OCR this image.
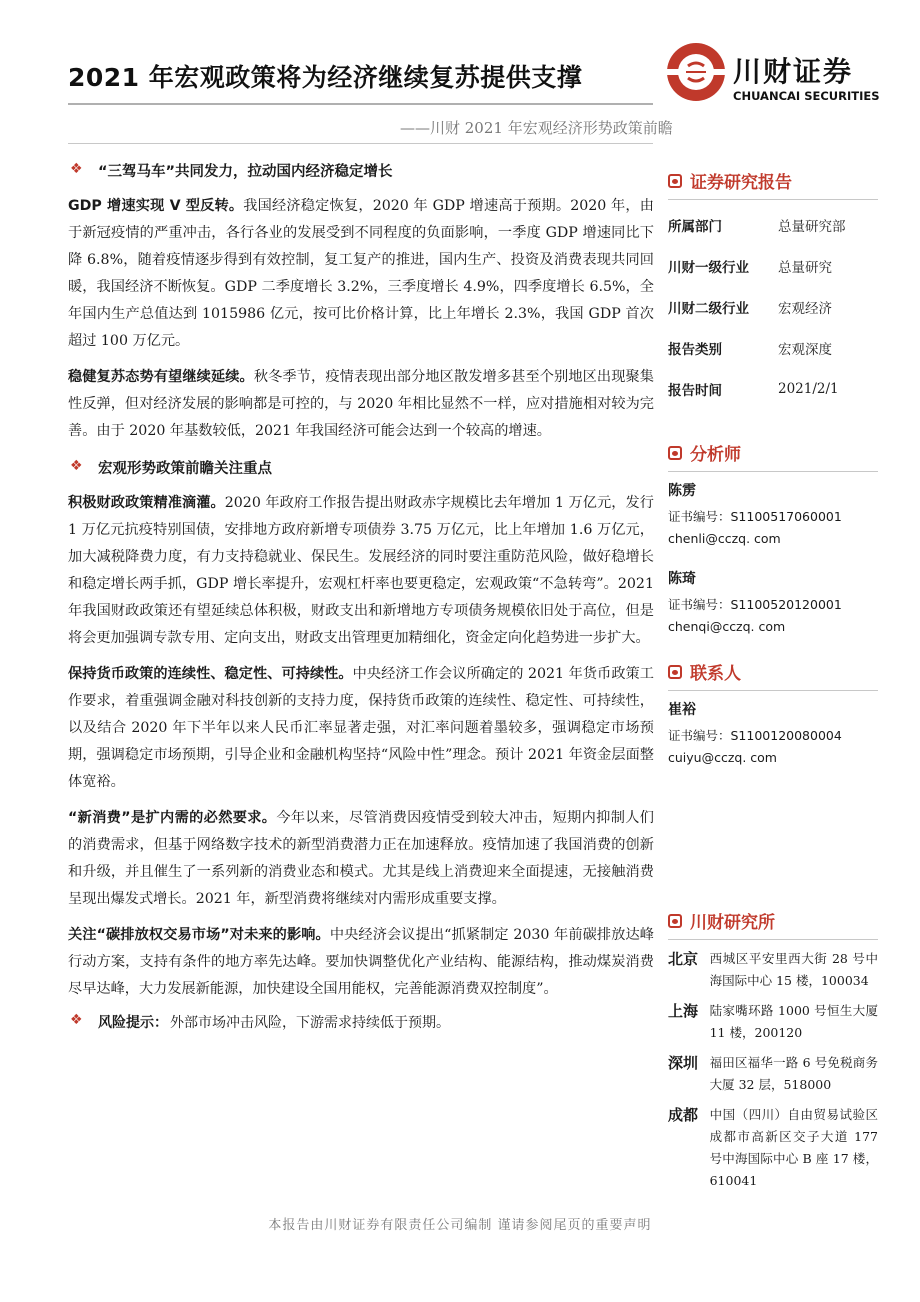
2021 年宏观政策将为经济继续复苏提供支撑
——川财 2021 年宏观经济形势政策前瞻
川财证券
CHUANCAI SECURITIES
❖
“三驾马车”共同发力，拉动国内经济稳定增长

GDP 增速实现 V 型反转。我国经济稳定恢复，2020 年 GDP 增速高于预期。2020 年，由于新冠疫情的严重冲击，各行各业的发展受到不同程度的负面影响，一季度 GDP 增速同比下降 6.8%，随着疫情逐步得到有效控制，复工复产的推进，国内生产、投资及消费表现共同回暖，我国经济不断恢复。GDP 二季度增长 3.2%，三季度增长 4.9%，四季度增长 6.5%，全年国内生产总值达到 1015986 亿元，按可比价格计算，比上年增长 2.3%，我国 GDP 首次超过 100 万亿元。

稳健复苏态势有望继续延续。秋冬季节，疫情表现出部分地区散发增多甚至个别地区出现聚集性反弹，但对经济发展的影响都是可控的，与 2020 年相比显然不一样，应对措施相对较为完善。由于 2020 年基数较低，2021 年我国经济可能会达到一个较高的增速。

❖
宏观形势政策前瞻关注重点

积极财政政策精准滴灌。2020 年政府工作报告提出财政赤字规模比去年增加 1 万亿元，发行 1 万亿元抗疫特别国债，安排地方政府新增专项债券 3.75 万亿元，比上年增加 1.6 万亿元，加大减税降费力度，有力支持稳就业、保民生。发展经济的同时要注重防范风险，做好稳增长和稳定增长两手抓，GDP 增长率提升，宏观杠杆率也要更稳定，宏观政策“不急转弯”。2021 年我国财政政策还有望延续总体积极，财政支出和新增地方专项债务规模依旧处于高位，但是将会更加强调专款专用、定向支出，财政支出管理更加精细化，资金定向化趋势进一步扩大。

保持货币政策的连续性、稳定性、可持续性。中央经济工作会议所确定的 2021 年货币政策工作要求，着重强调金融对科技创新的支持力度，保持货币政策的连续性、稳定性、可持续性，以及结合 2020 年下半年以来人民币汇率显著走强，对汇率问题着墨较多，强调稳定市场预期，强调稳定市场预期，引导企业和金融机构坚持“风险中性”理念。预计 2021 年资金层面整体宽裕。

“新消费”是扩内需的必然要求。今年以来，尽管消费因疫情受到较大冲击，短期内抑制人们的消费需求，但基于网络数字技术的新型消费潜力正在加速释放。疫情加速了我国消费的创新和升级，并且催生了一系列新的消费业态和模式。尤其是线上消费迎来全面提速，无接触消费呈现出爆发式增长。2021 年，新型消费将继续对内需形成重要支撑。

关注“碳排放权交易市场”对未来的影响。中央经济会议提出“抓紧制定 2030 年前碳排放达峰行动方案，支持有条件的地方率先达峰。要加快调整优化产业结构、能源结构，推动煤炭消费尽早达峰，大力发展新能源，加快建设全国用能权，完善能源消费双控制度”。

❖
风险提示： 外部市场冲击风险，下游需求持续低于预期。
证券研究报告
所属部门	总量研究部
川财一级行业	总量研究
川财二级行业	宏观经济
报告类别	宏观深度
报告时间	2021/2/1
分析师
陈雳
证书编号：S1100517060001
chenli@cczq. com
陈琦
证书编号：S1100520120001
chenqi@cczq. com
联系人
崔裕
证书编号：S1100120080004
cuiyu@cczq. com
川财研究所
北京 西城区平安里西大街 28 号中海国际中心 15 楼，100034
上海 陆家嘴环路 1000 号恒生大厦 11 楼，200120
深圳 福田区福华一路 6 号免税商务大厦 32 层，518000
成都 中国（四川）自由贸易试验区成都市高新区交子大道 177 号中海国际中心 B 座 17 楼，610041
本报告由川财证券有限责任公司编制 谨请参阅尾页的重要声明
